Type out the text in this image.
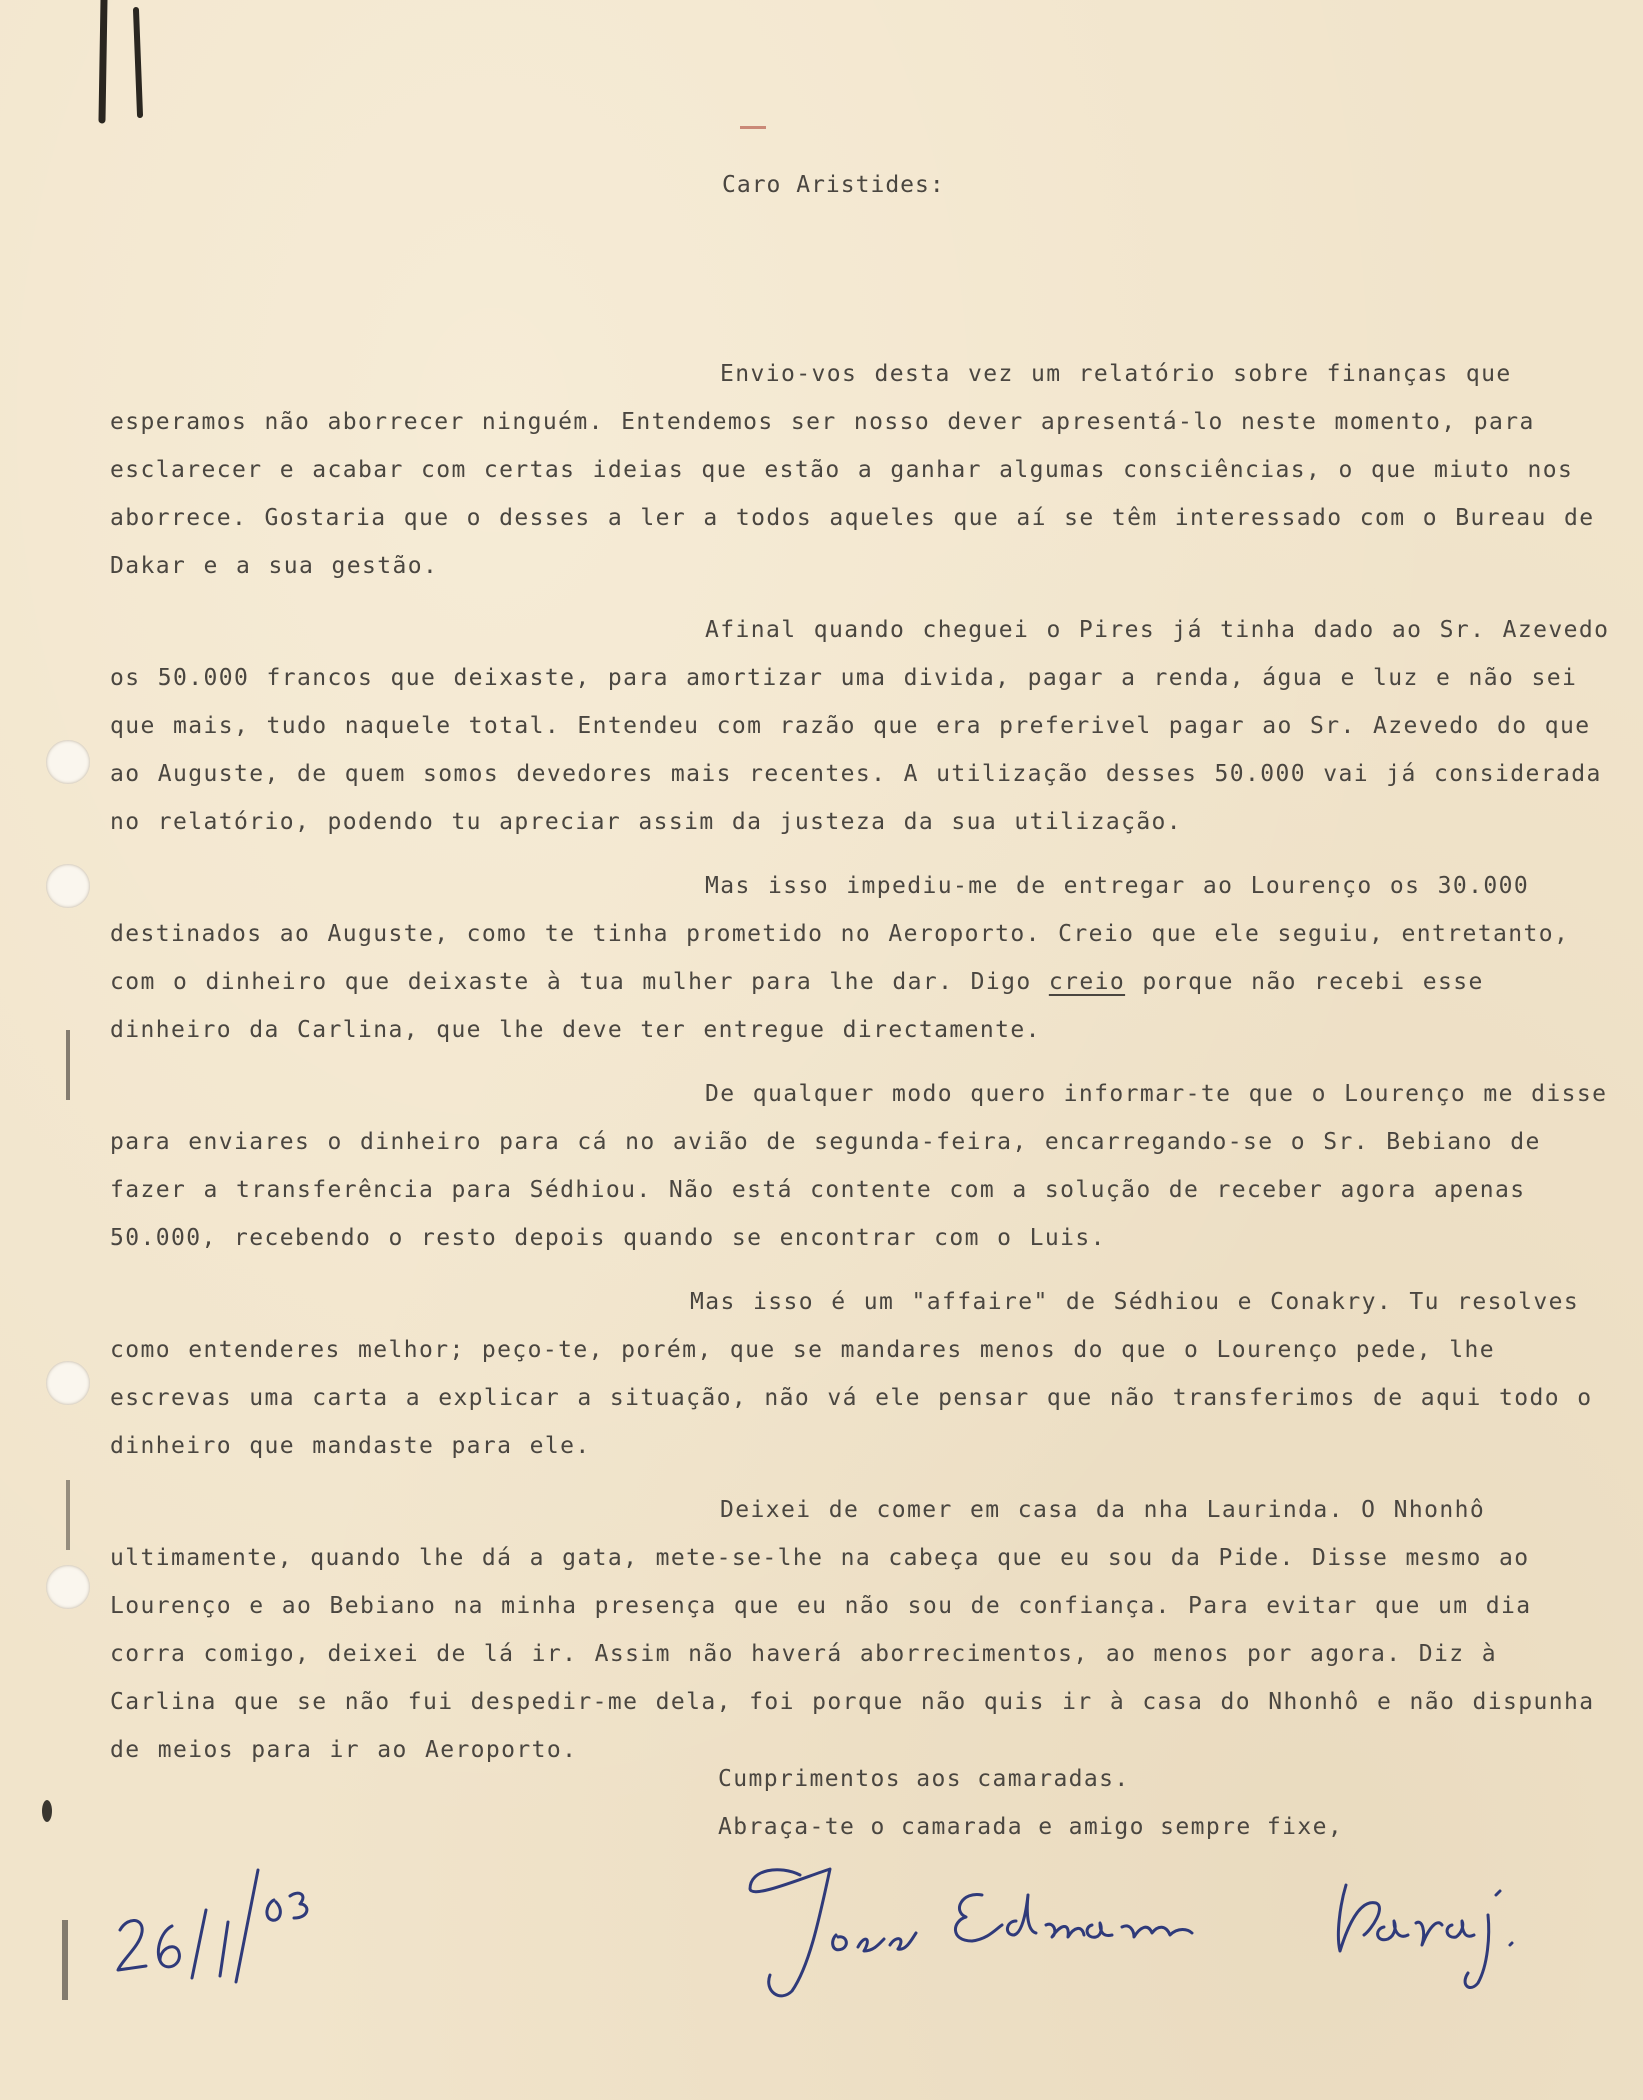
Caro Aristides:

Envio-vos desta vez um relatório sobre finanças que esperamos não aborrecer ninguém. Entendemos ser nosso dever apresentá-lo neste momento, para esclarecer e acabar com certas ideias que estão a ganhar algumas consciências, o que miuto nos aborrece. Gostaria que o desses a ler a todos aqueles que aí se têm interessado com o Bureau de Dakar e a sua gestão.

Afinal quando cheguei o Pires já tinha dado ao Sr. Azevedo os 50.000 francos que deixaste, para amortizar uma divida, pagar a renda, água e luz e não sei que mais, tudo naquele total. Entendeu com razão que era preferivel pagar ao Sr. Azevedo do que ao Auguste, de quem somos devedores mais recentes. A utilização desses 50.000 vai já considerada no relatório, podendo tu apreciar assim da justeza da sua utilização.

Mas isso impediu-me de entregar ao Lourenço os 30.000 destinados ao Auguste, como te tinha prometido no Aeroporto. Creio que ele seguiu, entretanto, com o dinheiro que deixaste à tua mulher para lhe dar. Digo creio porque não recebi esse dinheiro da Carlina, que lhe deve ter entregue directamente.

De qualquer modo quero informar-te que o Lourenço me disse para enviares o dinheiro para cá no avião de segunda-feira, encarregando-se o Sr. Bebiano de fazer a transferência para Sédhiou. Não está contente com a solução de receber agora apenas 50.000, recebendo o resto depois quando se encontrar com o Luis.

Mas isso é um "affaire" de Sédhiou e Conakry. Tu resolves como entenderes melhor; peço-te, porém, que se mandares menos do que o Lourenço pede, lhe escrevas uma carta a explicar a situação, não vá ele pensar que não transferimos de aqui todo o dinheiro que mandaste para ele.

Deixei de comer em casa da nha Laurinda. O Nhonhô ultimamente, quando lhe dá a gata, mete-se-lhe na cabeça que eu sou da Pide. Disse mesmo ao Lourenço e ao Bebiano na minha presença que eu não sou de confiança. Para evitar que um dia corra comigo, deixei de lá ir. Assim não haverá aborrecimentos, ao menos por agora. Diz à Carlina que se não fui despedir-me dela, foi porque não quis ir à casa do Nhonhô e não dispunha de meios para ir ao Aeroporto.

Cumprimentos aos camaradas.
Abraça-te o camarada e amigo sempre fixe,
